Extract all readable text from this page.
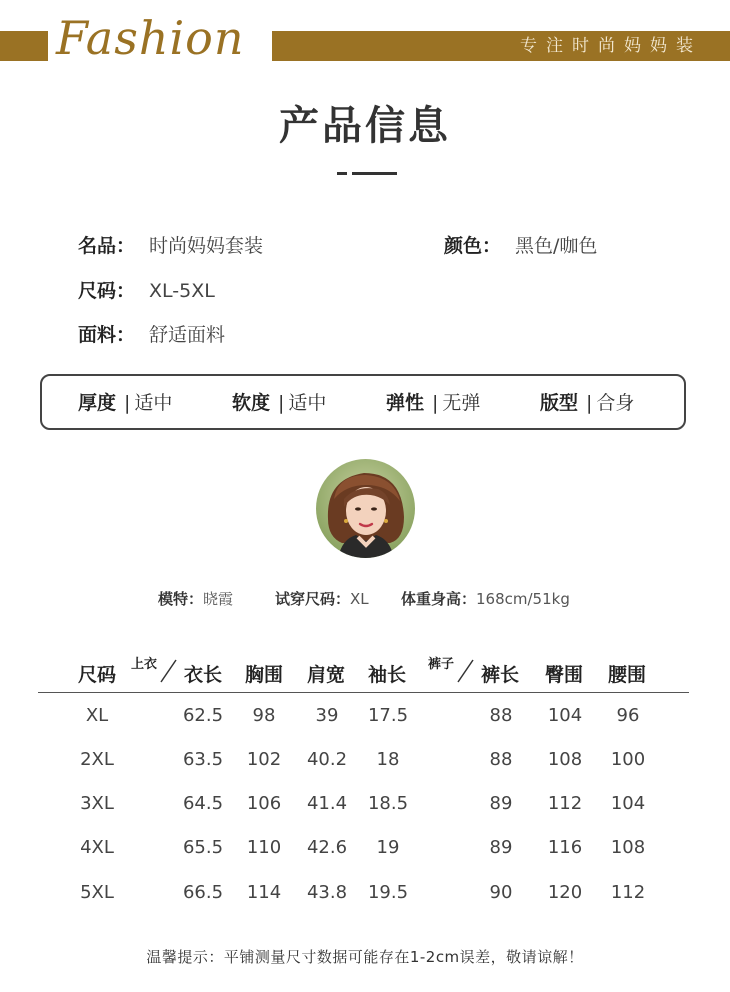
Fashion	专注时尚妈妈装
产品信息
名品： 时尚妈妈套装	颜色： 黑色/咖色
尺码： XL-5XL
面料： 舒适面料
厚度 | 适中	软度 | 适中	弹性 | 无弹	版型 | 合身
模特：晓霞	试穿尺码：XL 体重身高：168cm/51kg
尺码 上衣	裤子
衣长 胸围 肩宽 袖长	裤长 臀围 腰围
XL	62.5	98	39	17.5	88	104	96
2XL	63.5	102	40.2	18	88	108	100
3XL	64.5	106	41.4	18.5	89	112	104
4XL	65.5	110	42.6	19	89	116	108
5XL	66.5	114	43.8	19.5	90	120	112
温馨提示：平铺测量尺寸数据可能存在1-2cm误差，敬请谅解！
